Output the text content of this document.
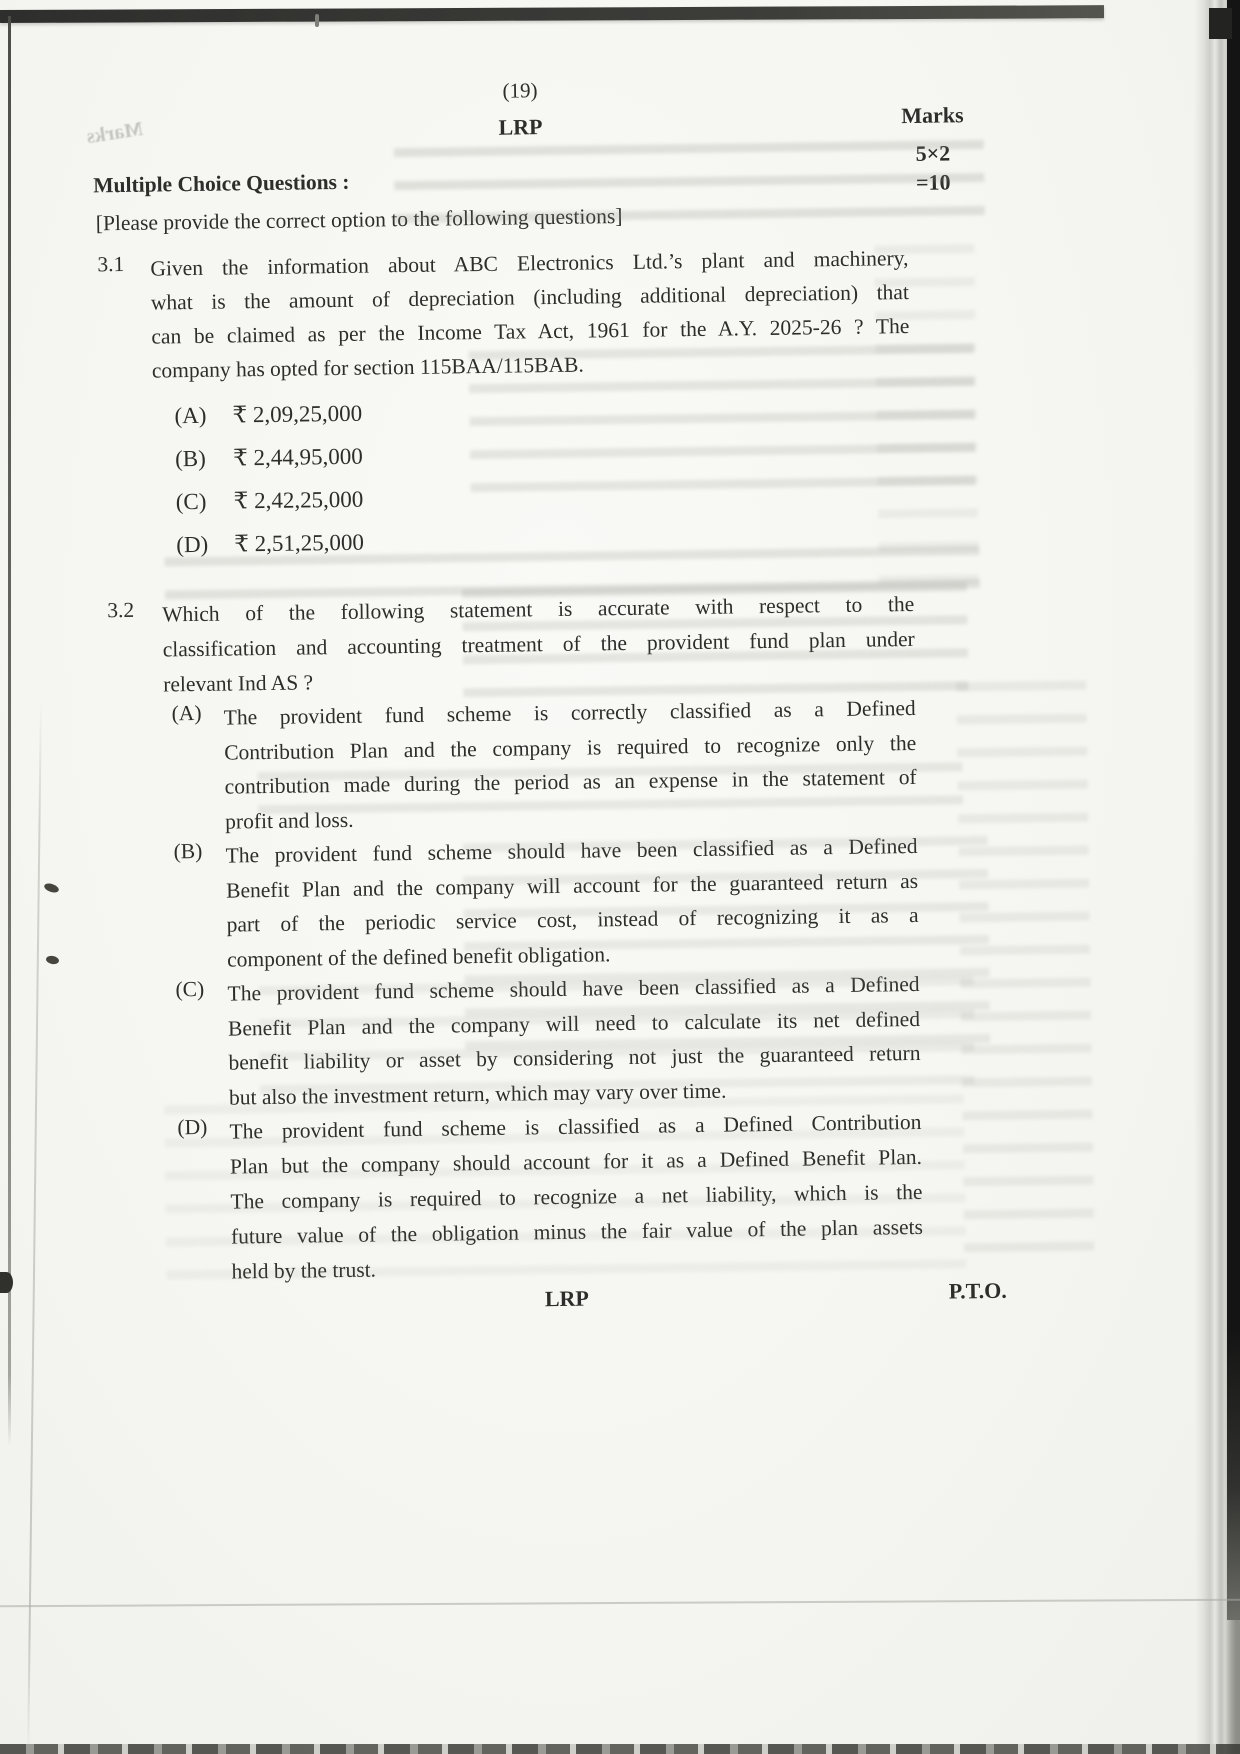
Marks
(19)
LRP	Marks
5×2
=10
Multiple Choice Questions :
[Please provide the correct option to the following questions]
3.1 Given the information about ABC Electronics Ltd.’s plant and machinery,
what is the amount of depreciation (including additional depreciation) that
can be claimed as per the Income Tax Act, 1961 for the A.Y. 2025-26 ? The
company has opted for section 115BAA/115BAB.
(A)	₹ 2,09,25,000
(B)	₹ 2,44,95,000
(C)	₹ 2,42,25,000
(D)	₹ 2,51,25,000
3.2 Which of the following statement is accurate with respect to the
classification and accounting treatment of the provident fund plan under
relevant Ind AS ?
(A)	The provident fund scheme is correctly classified as a Defined
Contribution Plan and the company is required to recognize only the
contribution made during the period as an expense in the statement of
profit and loss.
(B)	The provident fund scheme should have been classified as a Defined
Benefit Plan and the company will account for the guaranteed return as
part of the periodic service cost, instead of recognizing it as a
component of the defined benefit obligation.
(C)	The provident fund scheme should have been classified as a Defined
Benefit Plan and the company will need to calculate its net defined
benefit liability or asset by considering not just the guaranteed return
but also the investment return, which may vary over time.
(D)	The provident fund scheme is classified as a Defined Contribution
Plan but the company should account for it as a Defined Benefit Plan.
The company is required to recognize a net liability, which is the
future value of the obligation minus the fair value of the plan assets
held by the trust.
LRP	P.T.O.
